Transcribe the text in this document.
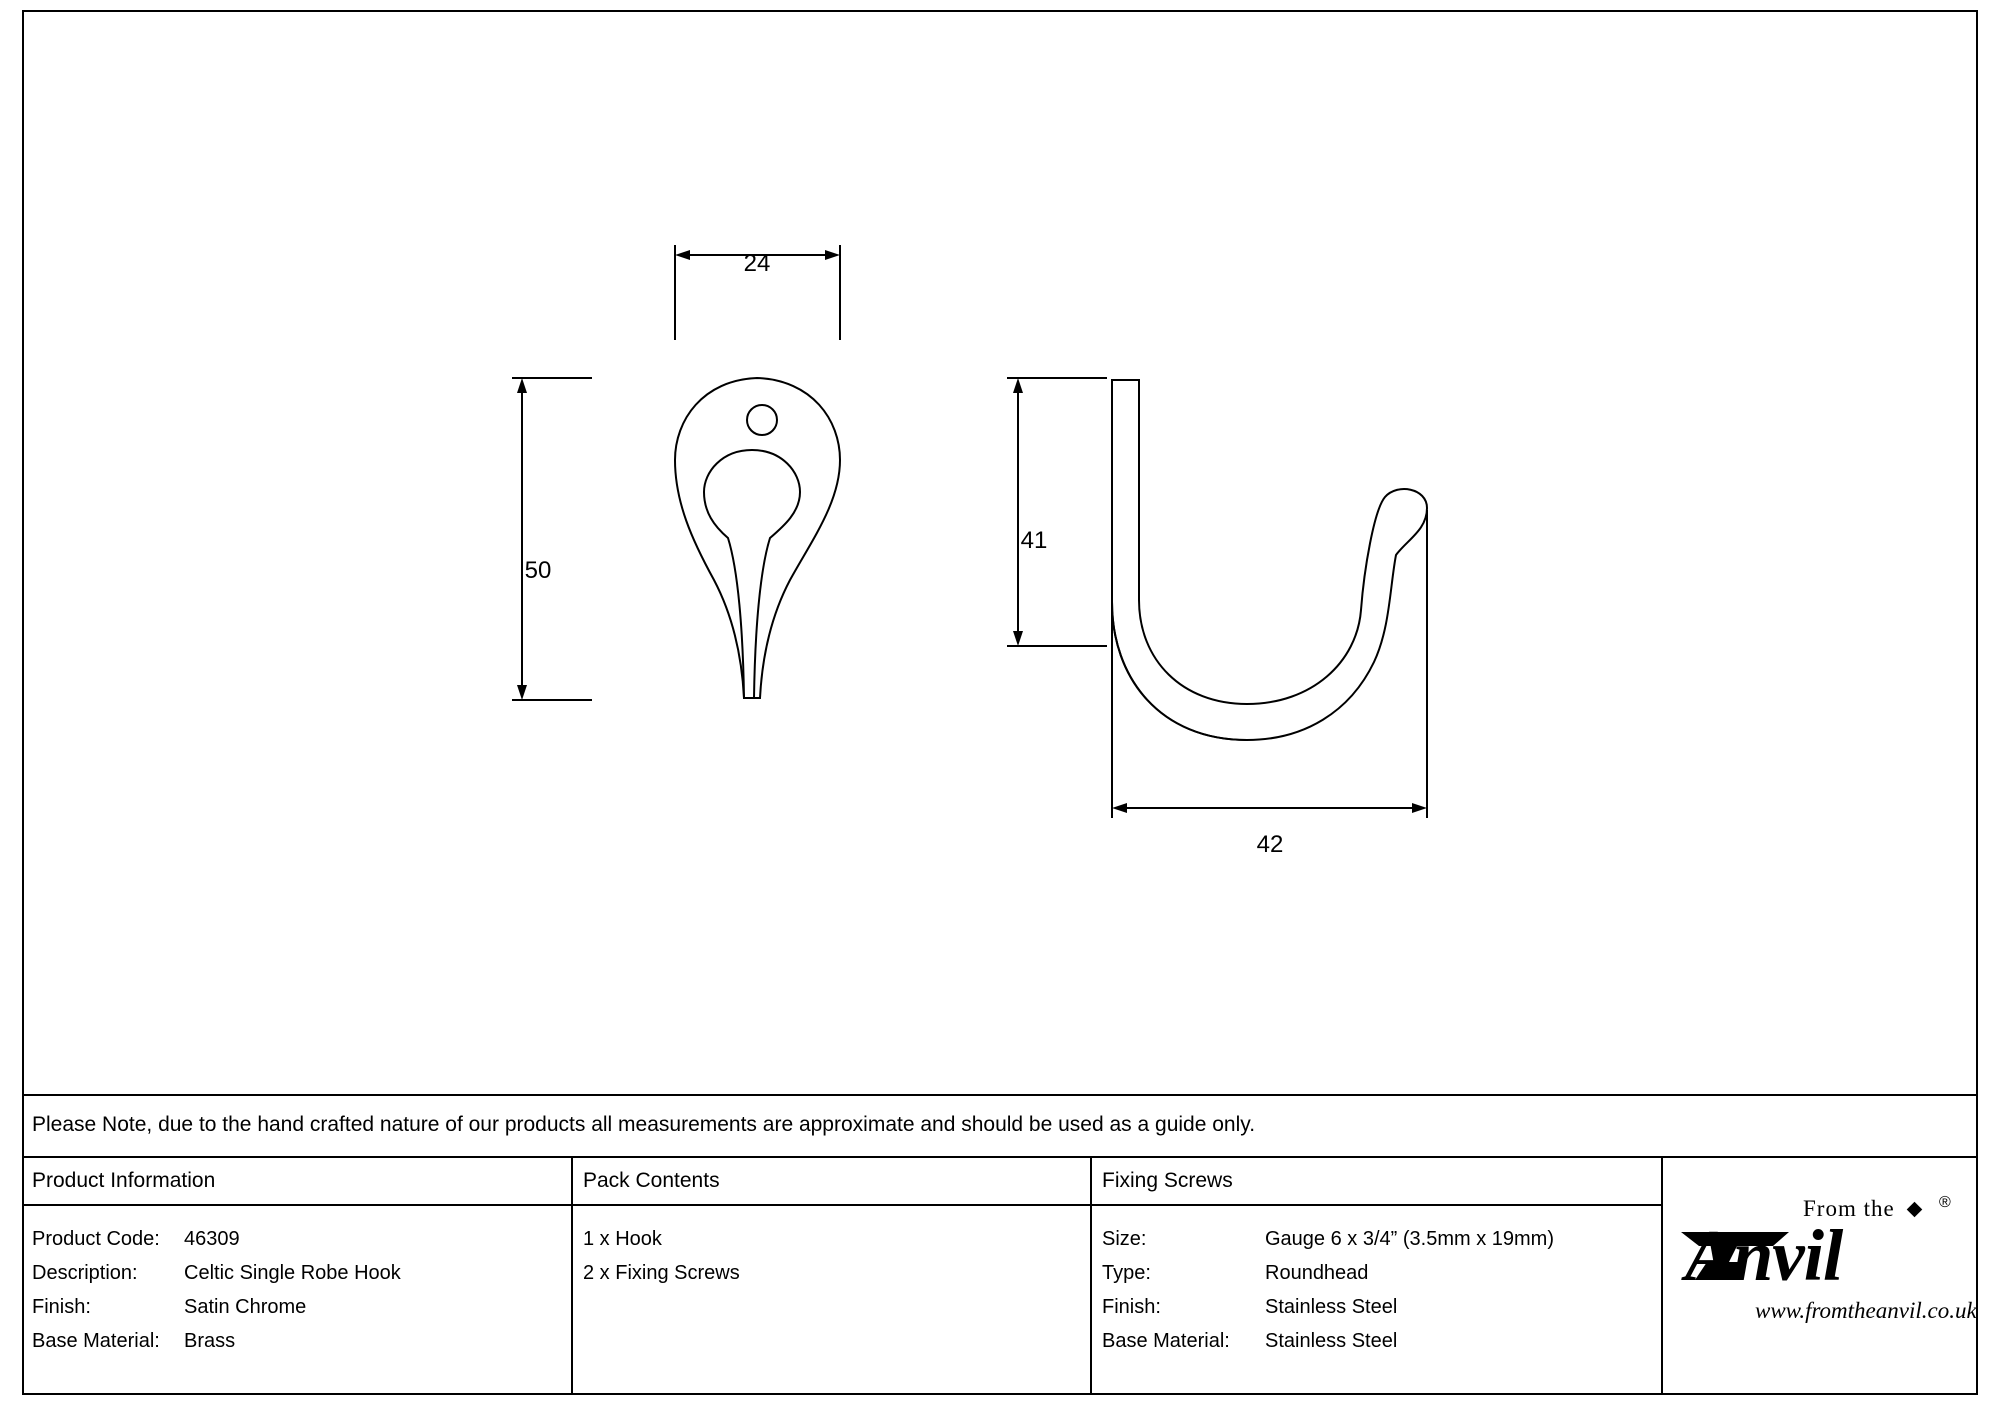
24
50
41
42
Please Note, due to the hand crafted nature of our products all measurements are approximate and should be used as a guide only.
Product Information
Product Code:	46309
Description:	Celtic Single Robe Hook
Finish:	Satin Chrome
Base Material:	Brass
Pack Contents
1 x Hook
2 x Fixing Screws
Fixing Screws
Size:	Gauge 6 x 3/4” (3.5mm x 19mm)
Type:	Roundhead
Finish:	Stainless Steel
Base Material:	Stainless Steel
From the	®
Anvil
www.fromtheanvil.co.uk
